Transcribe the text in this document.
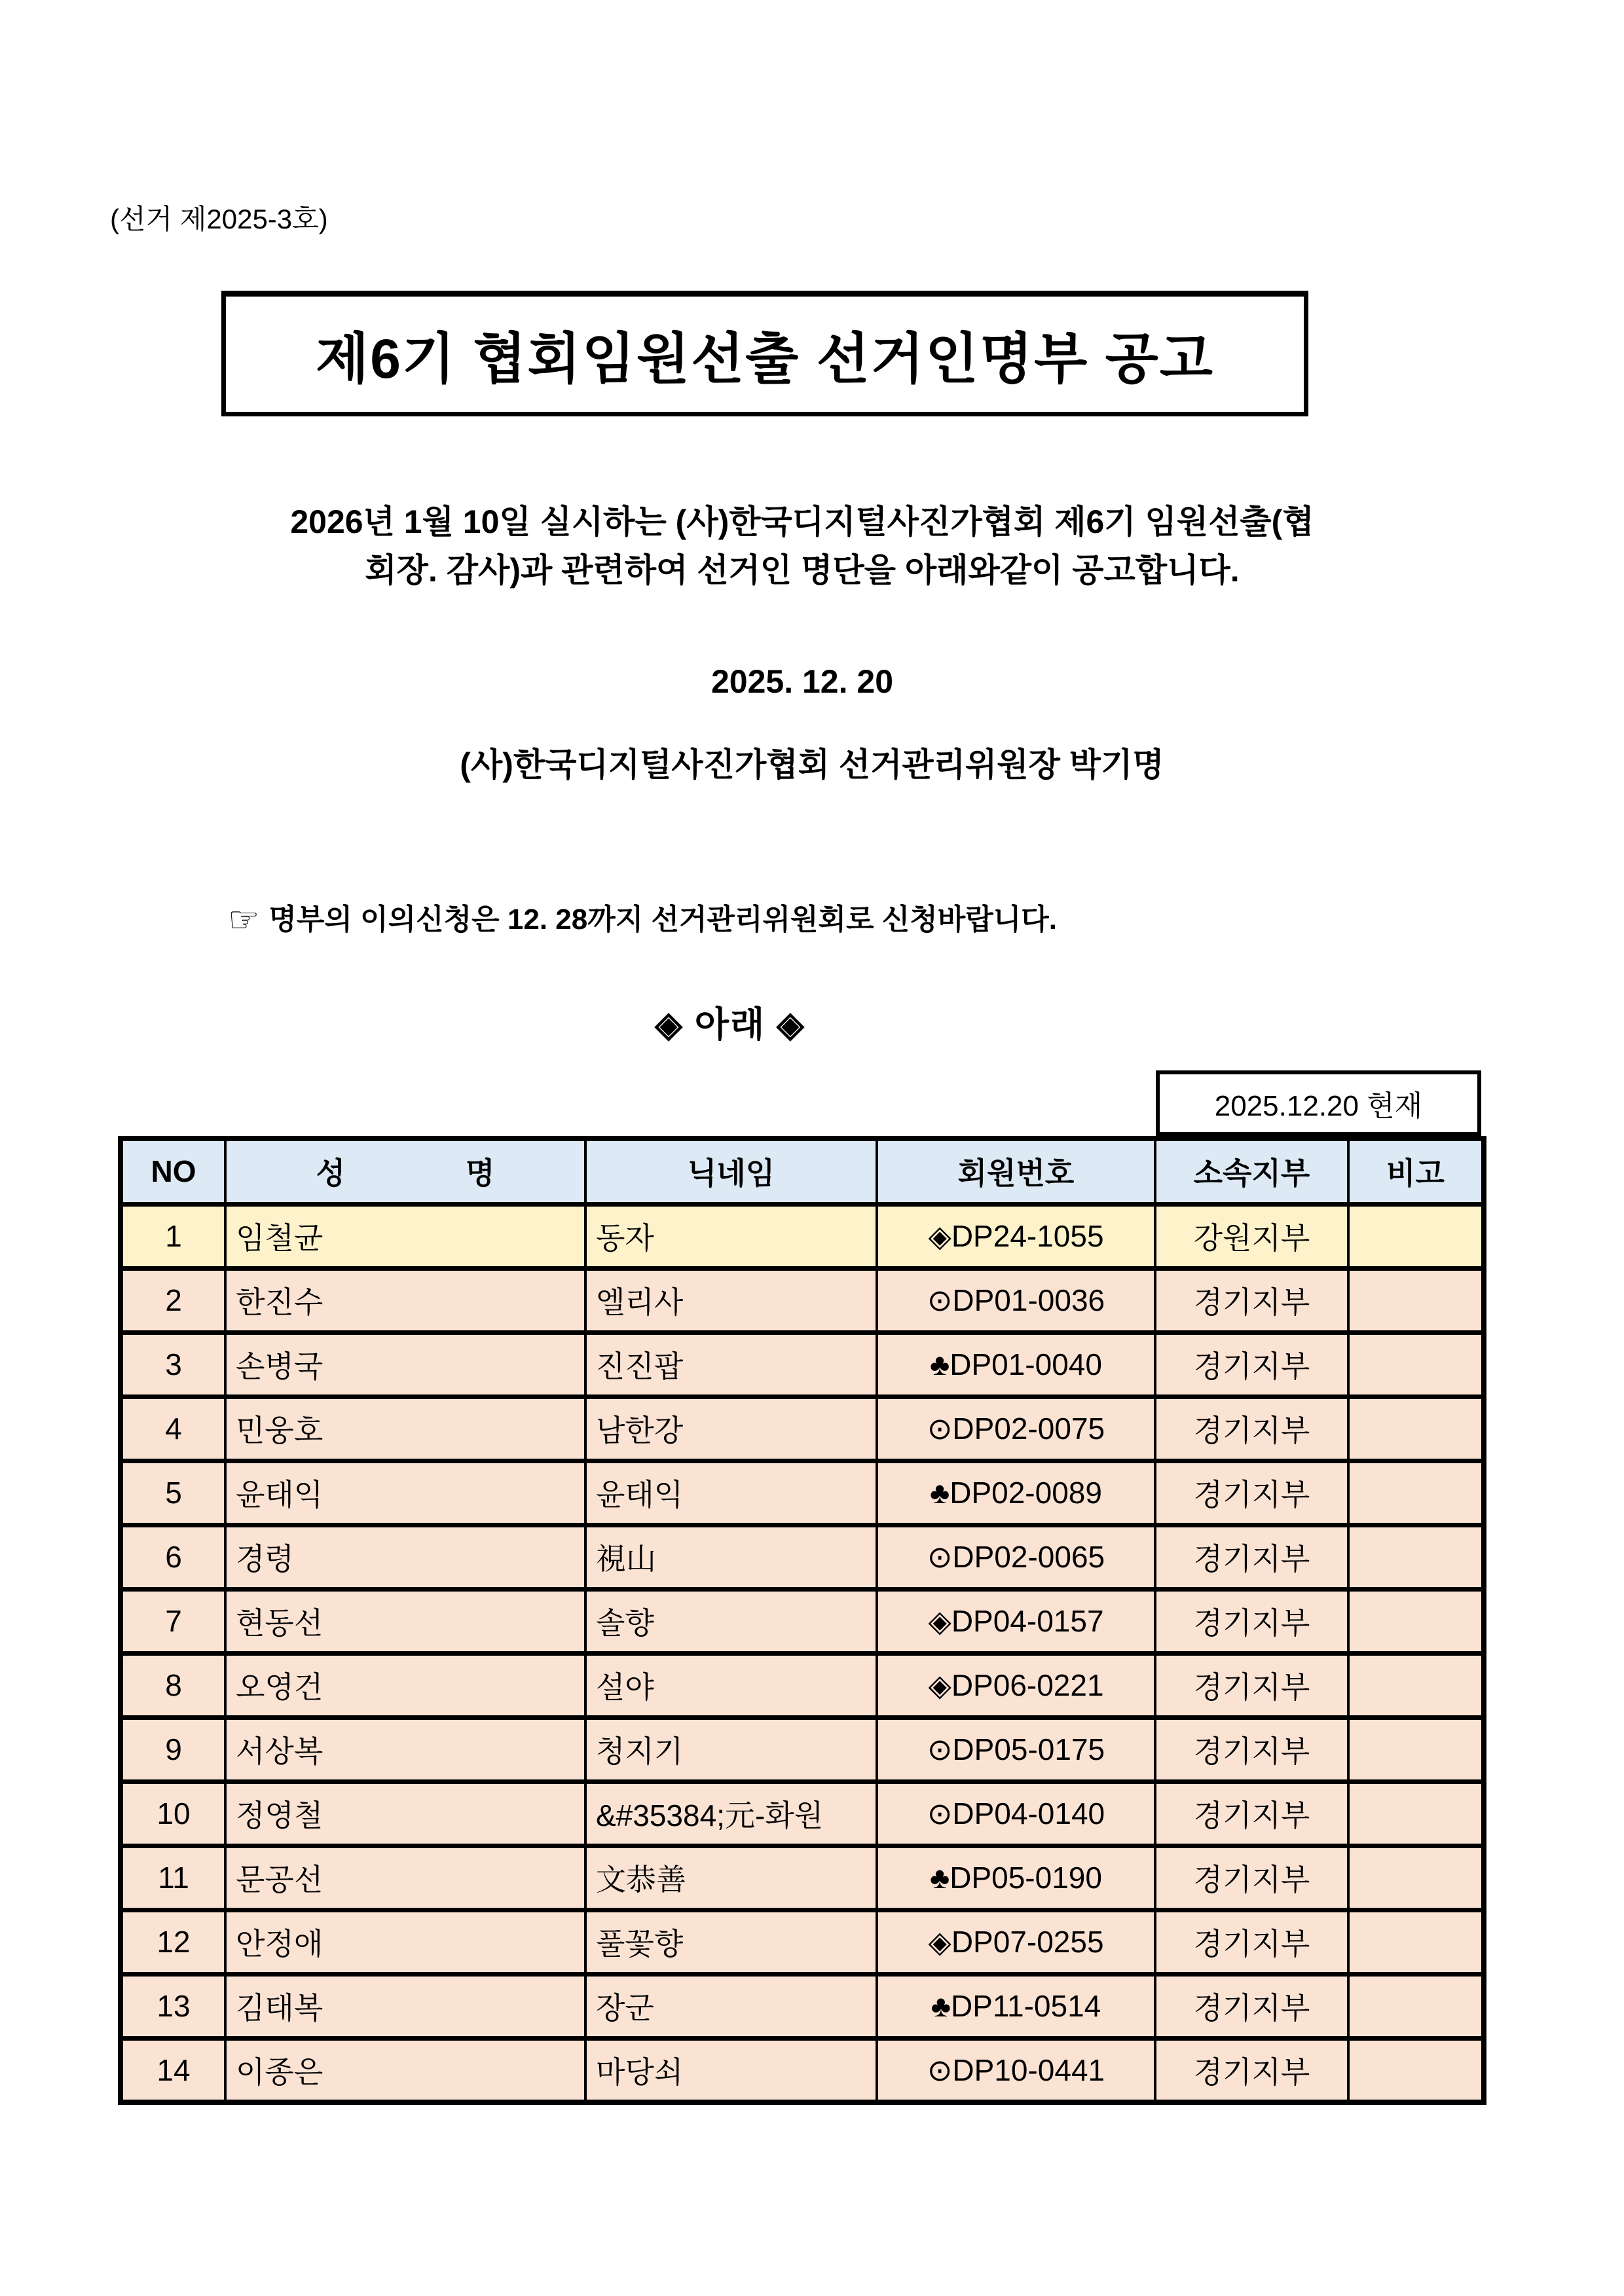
(선거 제2025-3호)
제6기 협회임원선출 선거인명부 공고
2026년 1월 10일 실시하는 (사)한국디지털사진가협회 제6기 임원선출(협
회장. 감사)과 관련하여 선거인 명단을 아래와같이 공고합니다.
2025. 12. 20
(사)한국디지털사진가협회 선거관리위원장 박기명
☞ 명부의 이의신청은 12. 28까지 선거관리위원회로 신청바랍니다.
◈ 아래 ◈
2025.12.20 현재
NO	성　　　　명	닉네임	회원번호	소속지부	비고
1	임철균	동자	◈DP24-1055	강원지부	
2	한진수	엘리사	⊙DP01-0036	경기지부	
3	손병국	진진팝	♣DP01-0040	경기지부	
4	민웅호	남한강	⊙DP02-0075	경기지부	
5	윤태익	윤태익	♣DP02-0089	경기지부	
6	경령	視山	⊙DP02-0065	경기지부	
7	현동선	솔향	◈DP04-0157	경기지부	
8	오영건	설야	◈DP06-0221	경기지부	
9	서상복	청지기	⊙DP05-0175	경기지부	
10	정영철	&#35384;元-화원	⊙DP04-0140	경기지부	
11	문공선	文恭善	♣DP05-0190	경기지부	
12	안정애	풀꽃향	◈DP07-0255	경기지부	
13	김태복	장군	♣DP11-0514	경기지부	
14	이종은	마당쇠	⊙DP10-0441	경기지부	
